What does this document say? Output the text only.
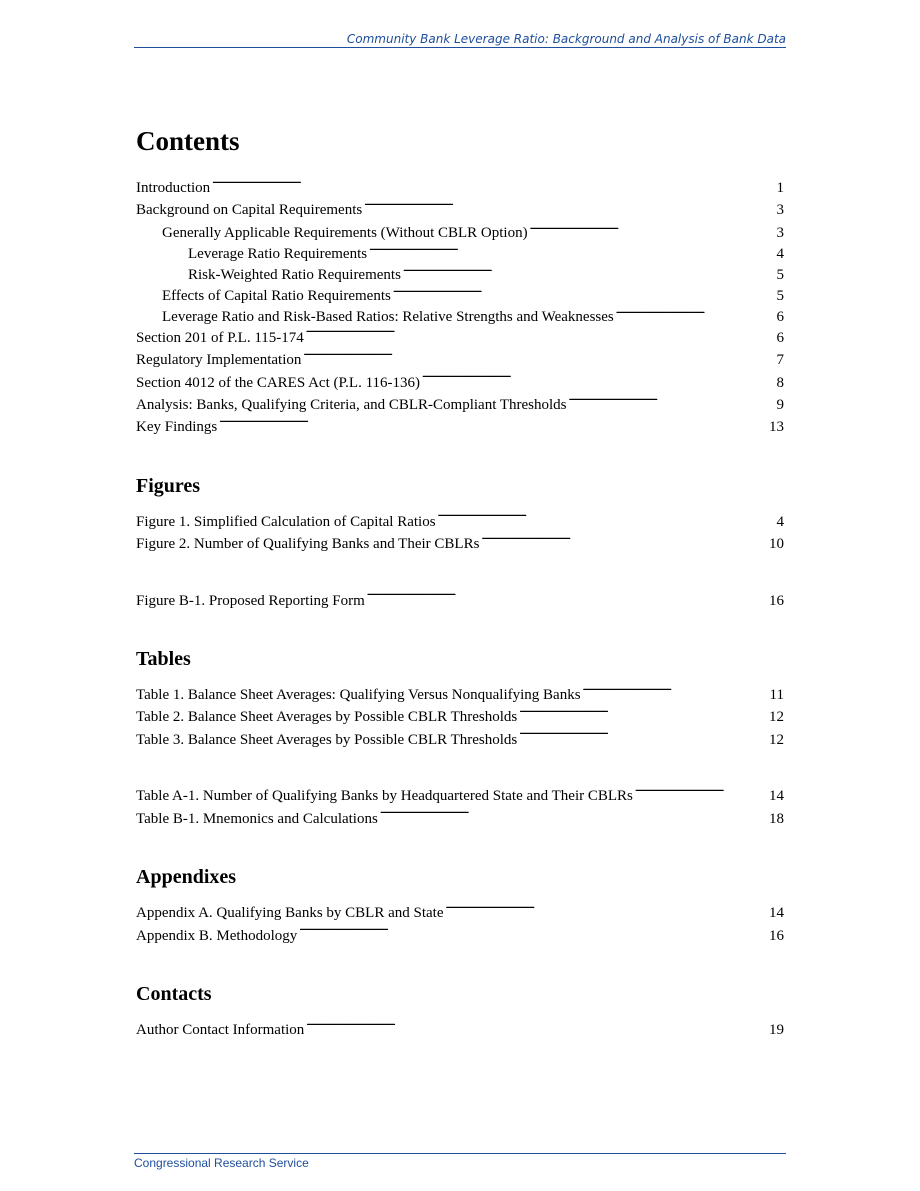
Community Bank Leverage Ratio: Background and Analysis of Bank Data
Contents
Introduction . . .	1
Background on Capital Requirements . . .	3
Generally Applicable Requirements (Without CBLR Option) . . .	3
Leverage Ratio Requirements . . .	4
Risk-Weighted Ratio Requirements . . .	5
Effects of Capital Ratio Requirements . . .	5
Leverage Ratio and Risk-Based Ratios: Relative Strengths and Weaknesses . . .	6
Section 201 of P.L. 115-174 . . .	6
Regulatory Implementation . . .	7
Section 4012 of the CARES Act (P.L. 116-136) . . .	8
Analysis: Banks, Qualifying Criteria, and CBLR-Compliant Thresholds . . .	9
Key Findings . . .	13
Figures
Figure 1. Simplified Calculation of Capital Ratios . . .	4
Figure 2. Number of Qualifying Banks and Their CBLRs . . .	10
Figure B-1. Proposed Reporting Form . . .	16
Tables
Table 1. Balance Sheet Averages: Qualifying Versus Nonqualifying Banks . . .	11
Table 2. Balance Sheet Averages by Possible CBLR Thresholds . . .	12
Table 3. Balance Sheet Averages by Possible CBLR Thresholds . . .	12
Table A-1. Number of Qualifying Banks by Headquartered State and Their CBLRs . . .	14
Table B-1. Mnemonics and Calculations . . .	18
Appendixes
Appendix A. Qualifying Banks by CBLR and State . . .	14
Appendix B. Methodology . . .	16
Contacts
Author Contact Information . . .	19
Congressional Research Service
